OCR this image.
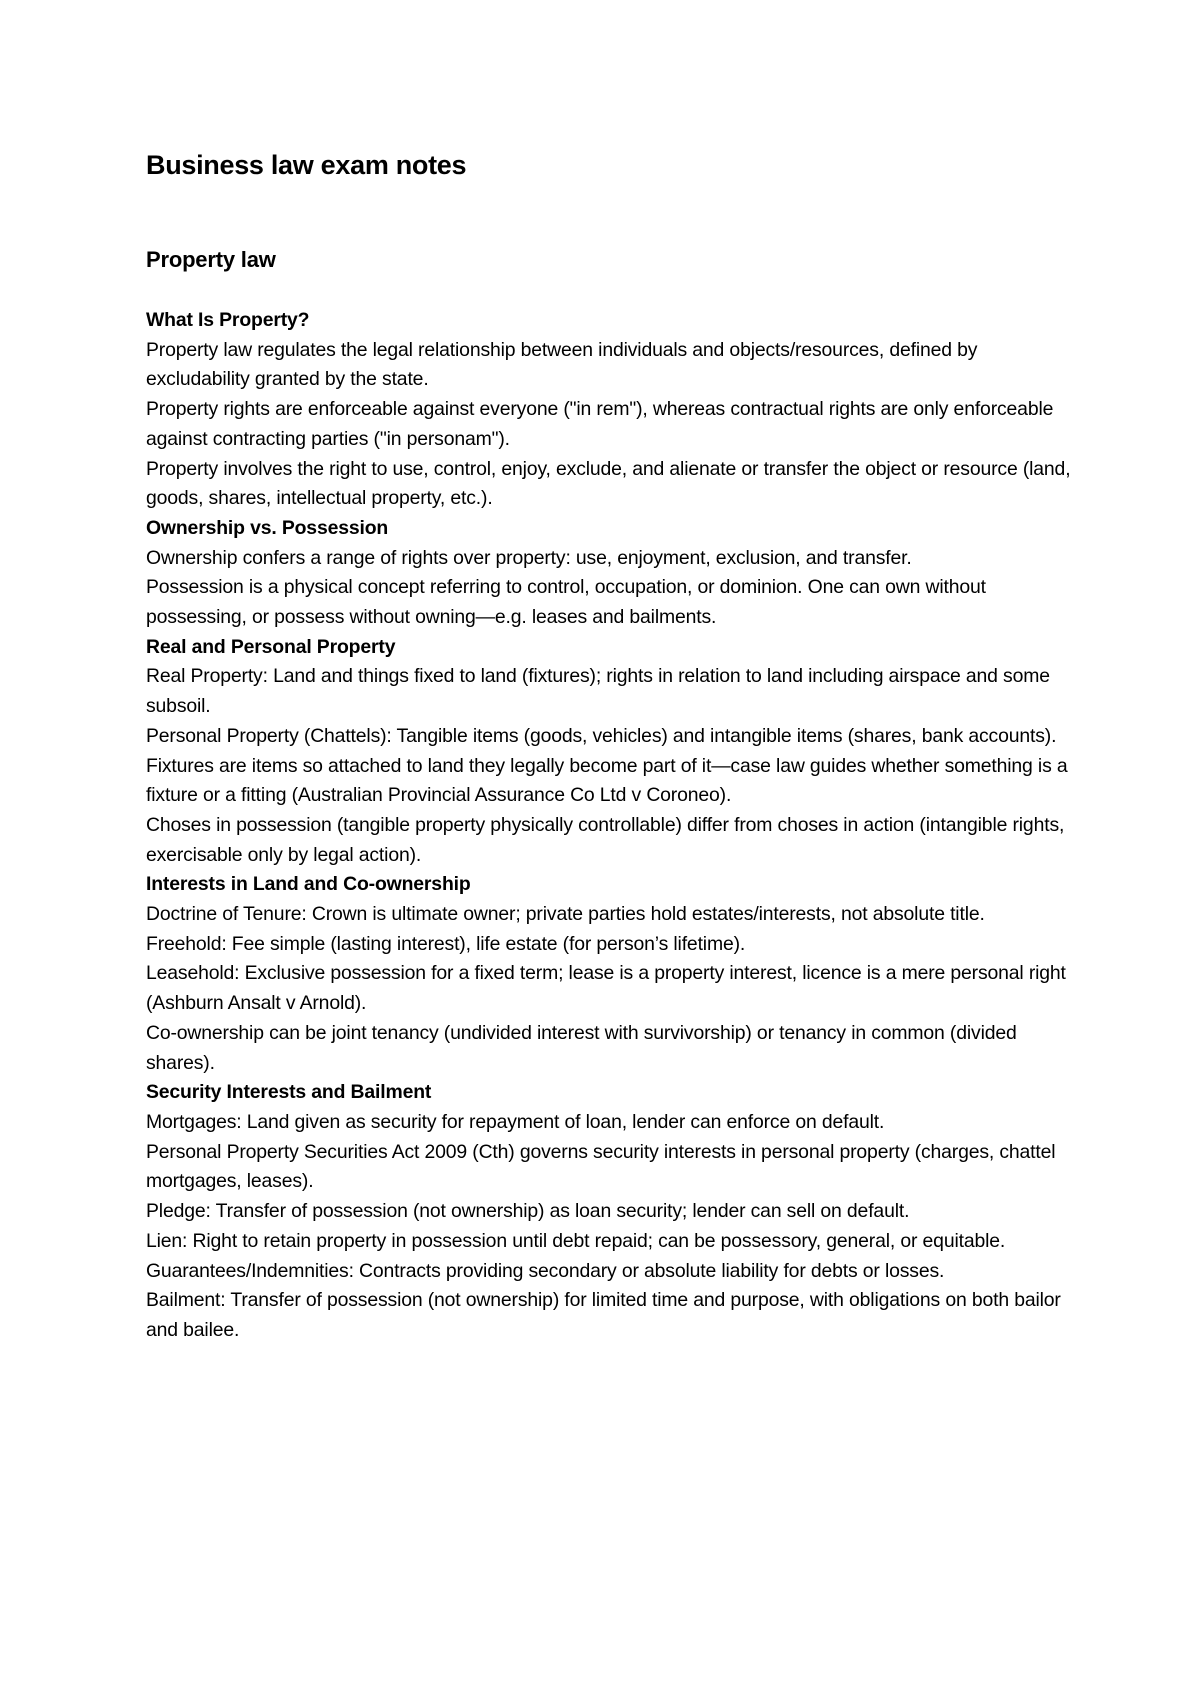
Business law exam notes
Property law

What Is Property?

Property law regulates the legal relationship between individuals and objects/resources, defined by excludability granted by the state.

Property rights are enforceable against everyone ("in rem"), whereas contractual rights are only enforceable against contracting parties ("in personam").

Property involves the right to use, control, enjoy, exclude, and alienate or transfer the object or resource (land, goods, shares, intellectual property, etc.).

Ownership vs. Possession

Ownership confers a range of rights over property: use, enjoyment, exclusion, and transfer.

Possession is a physical concept referring to control, occupation, or dominion. One can own without possessing, or possess without owning—e.g. leases and bailments.

Real and Personal Property

Real Property: Land and things fixed to land (fixtures); rights in relation to land including airspace and some subsoil.

Personal Property (Chattels): Tangible items (goods, vehicles) and intangible items (shares, bank accounts).

Fixtures are items so attached to land they legally become part of it—case law guides whether something is a fixture or a fitting (Australian Provincial Assurance Co Ltd v Coroneo).

Choses in possession (tangible property physically controllable) differ from choses in action (intangible rights, exercisable only by legal action).

Interests in Land and Co-ownership

Doctrine of Tenure: Crown is ultimate owner; private parties hold estates/interests, not absolute title.

Freehold: Fee simple (lasting interest), life estate (for person’s lifetime).

Leasehold: Exclusive possession for a fixed term; lease is a property interest, licence is a mere personal right (Ashburn Ansalt v Arnold).

Co-ownership can be joint tenancy (undivided interest with survivorship) or tenancy in common (divided shares).

Security Interests and Bailment

Mortgages: Land given as security for repayment of loan, lender can enforce on default.

Personal Property Securities Act 2009 (Cth) governs security interests in personal property (charges, chattel mortgages, leases).

Pledge: Transfer of possession (not ownership) as loan security; lender can sell on default.

Lien: Right to retain property in possession until debt repaid; can be possessory, general, or equitable.

Guarantees/Indemnities: Contracts providing secondary or absolute liability for debts or losses.

Bailment: Transfer of possession (not ownership) for limited time and purpose, with obligations on both bailor and bailee.
